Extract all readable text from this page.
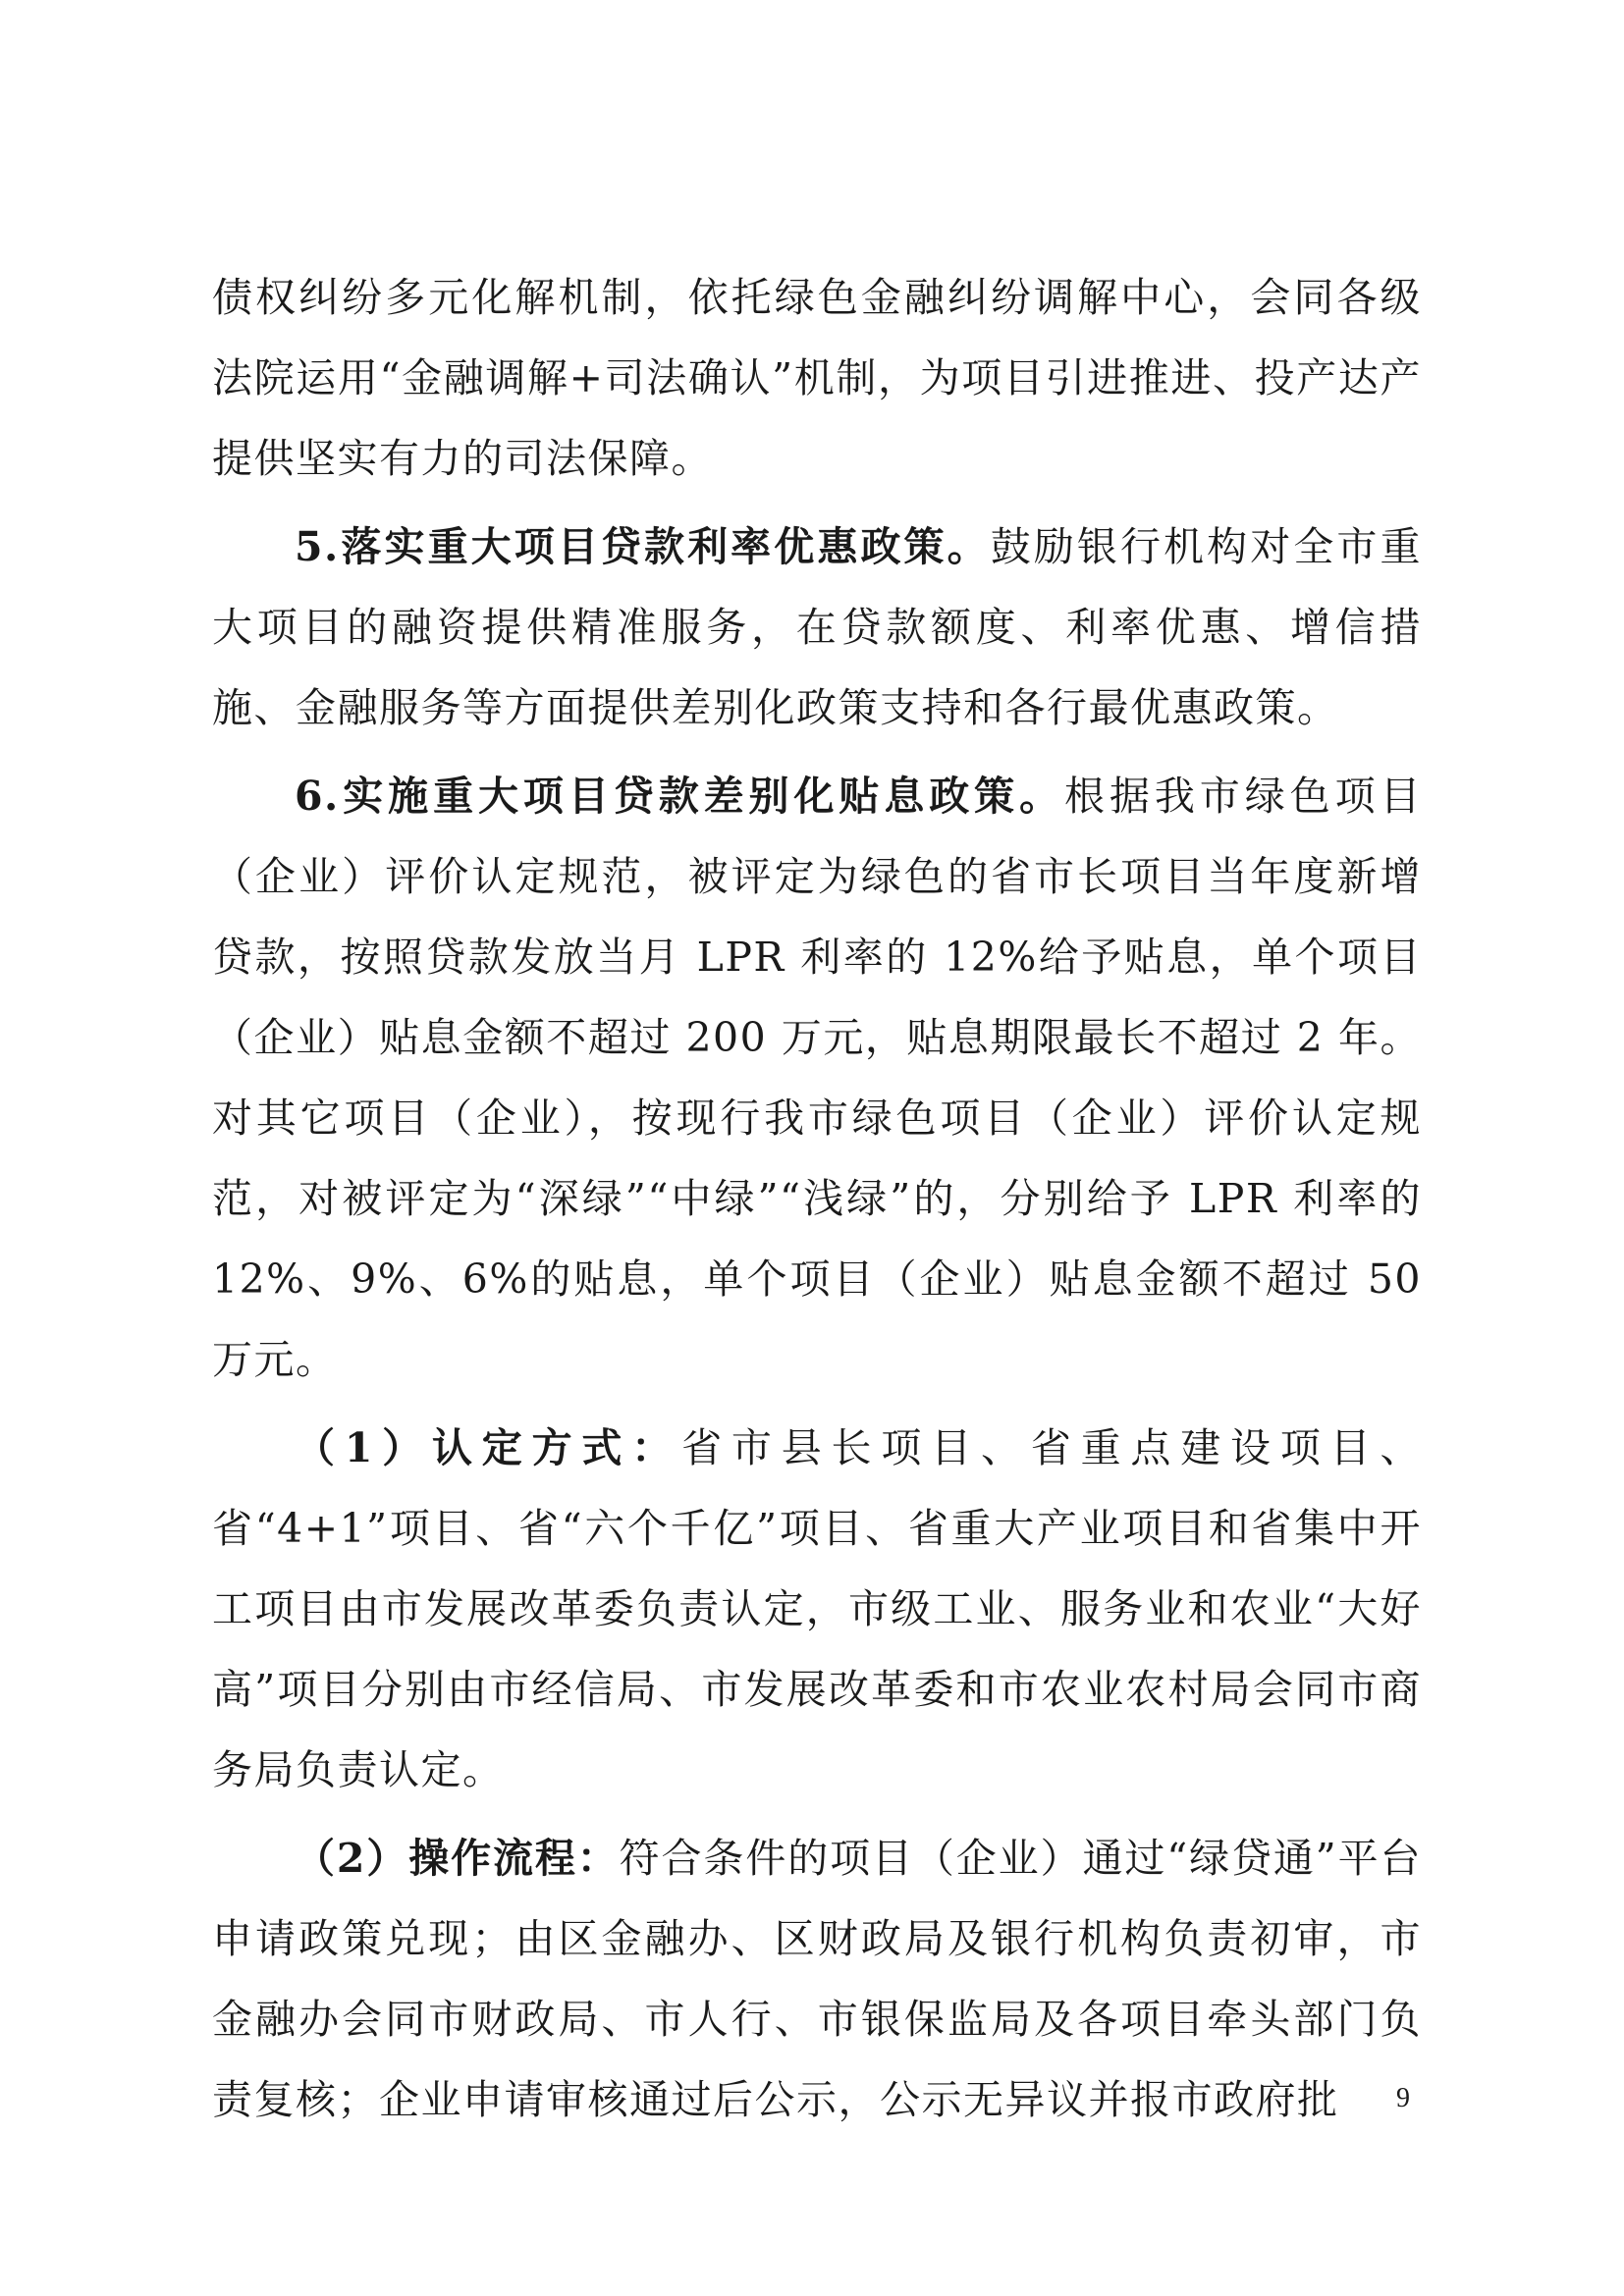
债权纠纷多元化解机制，依托绿色金融纠纷调解中心，会同各级法院运用“金融调解+司法确认”机制，为项目引进推进、投产达产提供坚实有力的司法保障。

5.落实重大项目贷款利率优惠政策。鼓励银行机构对全市重大项目的融资提供精准服务，在贷款额度、利率优惠、增信措施、金融服务等方面提供差别化政策支持和各行最优惠政策。

6.实施重大项目贷款差别化贴息政策。根据我市绿色项目（企业）评价认定规范，被评定为绿色的省市长项目当年度新增贷款，按照贷款发放当月 LPR 利率的 12%给予贴息，单个项目（企业）贴息金额不超过 200 万元，贴息期限最长不超过 2 年。对其它项目（企业），按现行我市绿色项目（企业）评价认定规范，对被评定为“深绿”“中绿”“浅绿”的，分别给予 LPR 利率的 12%、9%、6%的贴息，单个项目（企业）贴息金额不超过 50 万元。

（1）认定方式：省市县长项目、省重点建设项目、省“4+1”项目、省“六个千亿”项目、省重大产业项目和省集中开工项目由市发展改革委负责认定，市级工业、服务业和农业“大好高”项目分别由市经信局、市发展改革委和市农业农村局会同市商务局负责认定。

（2）操作流程：符合条件的项目（企业）通过“绿贷通”平台申请政策兑现；由区金融办、区财政局及银行机构负责初审，市金融办会同市财政局、市人行、市银保监局及各项目牵头部门负责复核；企业申请审核通过后公示，公示无异议并报市政府批	9
